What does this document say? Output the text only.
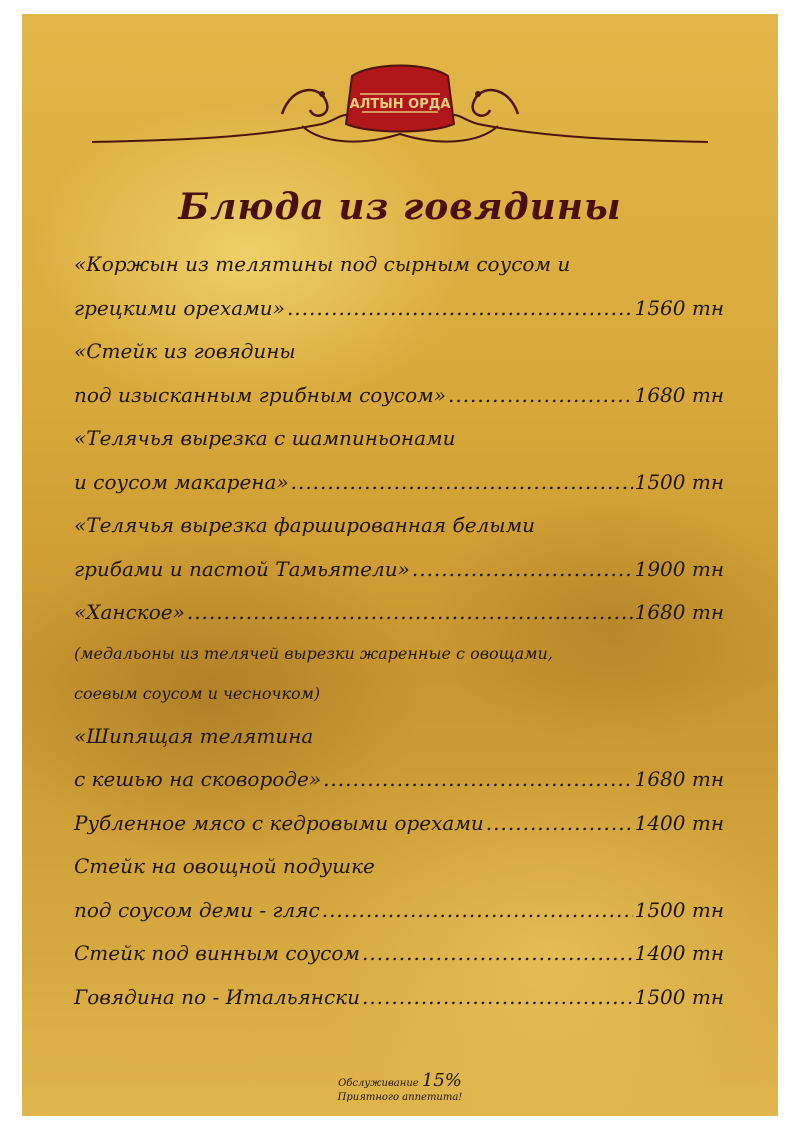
АЛТЫН ОРДА
Блюда из говядины
«Коржын из телятины под сырным соусом и
грецкими орехами» .....	1560 тн
«Стейк из говядины
под изысканным грибным соусом» .....	1680 тн
«Телячья вырезка с шампиньонами
и соусом макарена» .....	1500 тн
«Телячья вырезка фаршированная белыми
грибами и пастой Тамьятели» .....	1900 тн
«Ханское» .....	1680 тн
(медальоны из телячей вырезки жаренные с овощами,
соевым соусом и чесночком)
«Шипящая телятина
с кешью на сковороде» .....	1680 тн
Рубленное мясо с кедровыми орехами .....	1400 тн
Стейк на овощной подушке
под соусом деми - гляс .....	1500 тн
Стейк под винным соусом .....	1400 тн
Говядина по - Итальянски .....	1500 тн
Обслуживание 15%
Приятного аппетита!
